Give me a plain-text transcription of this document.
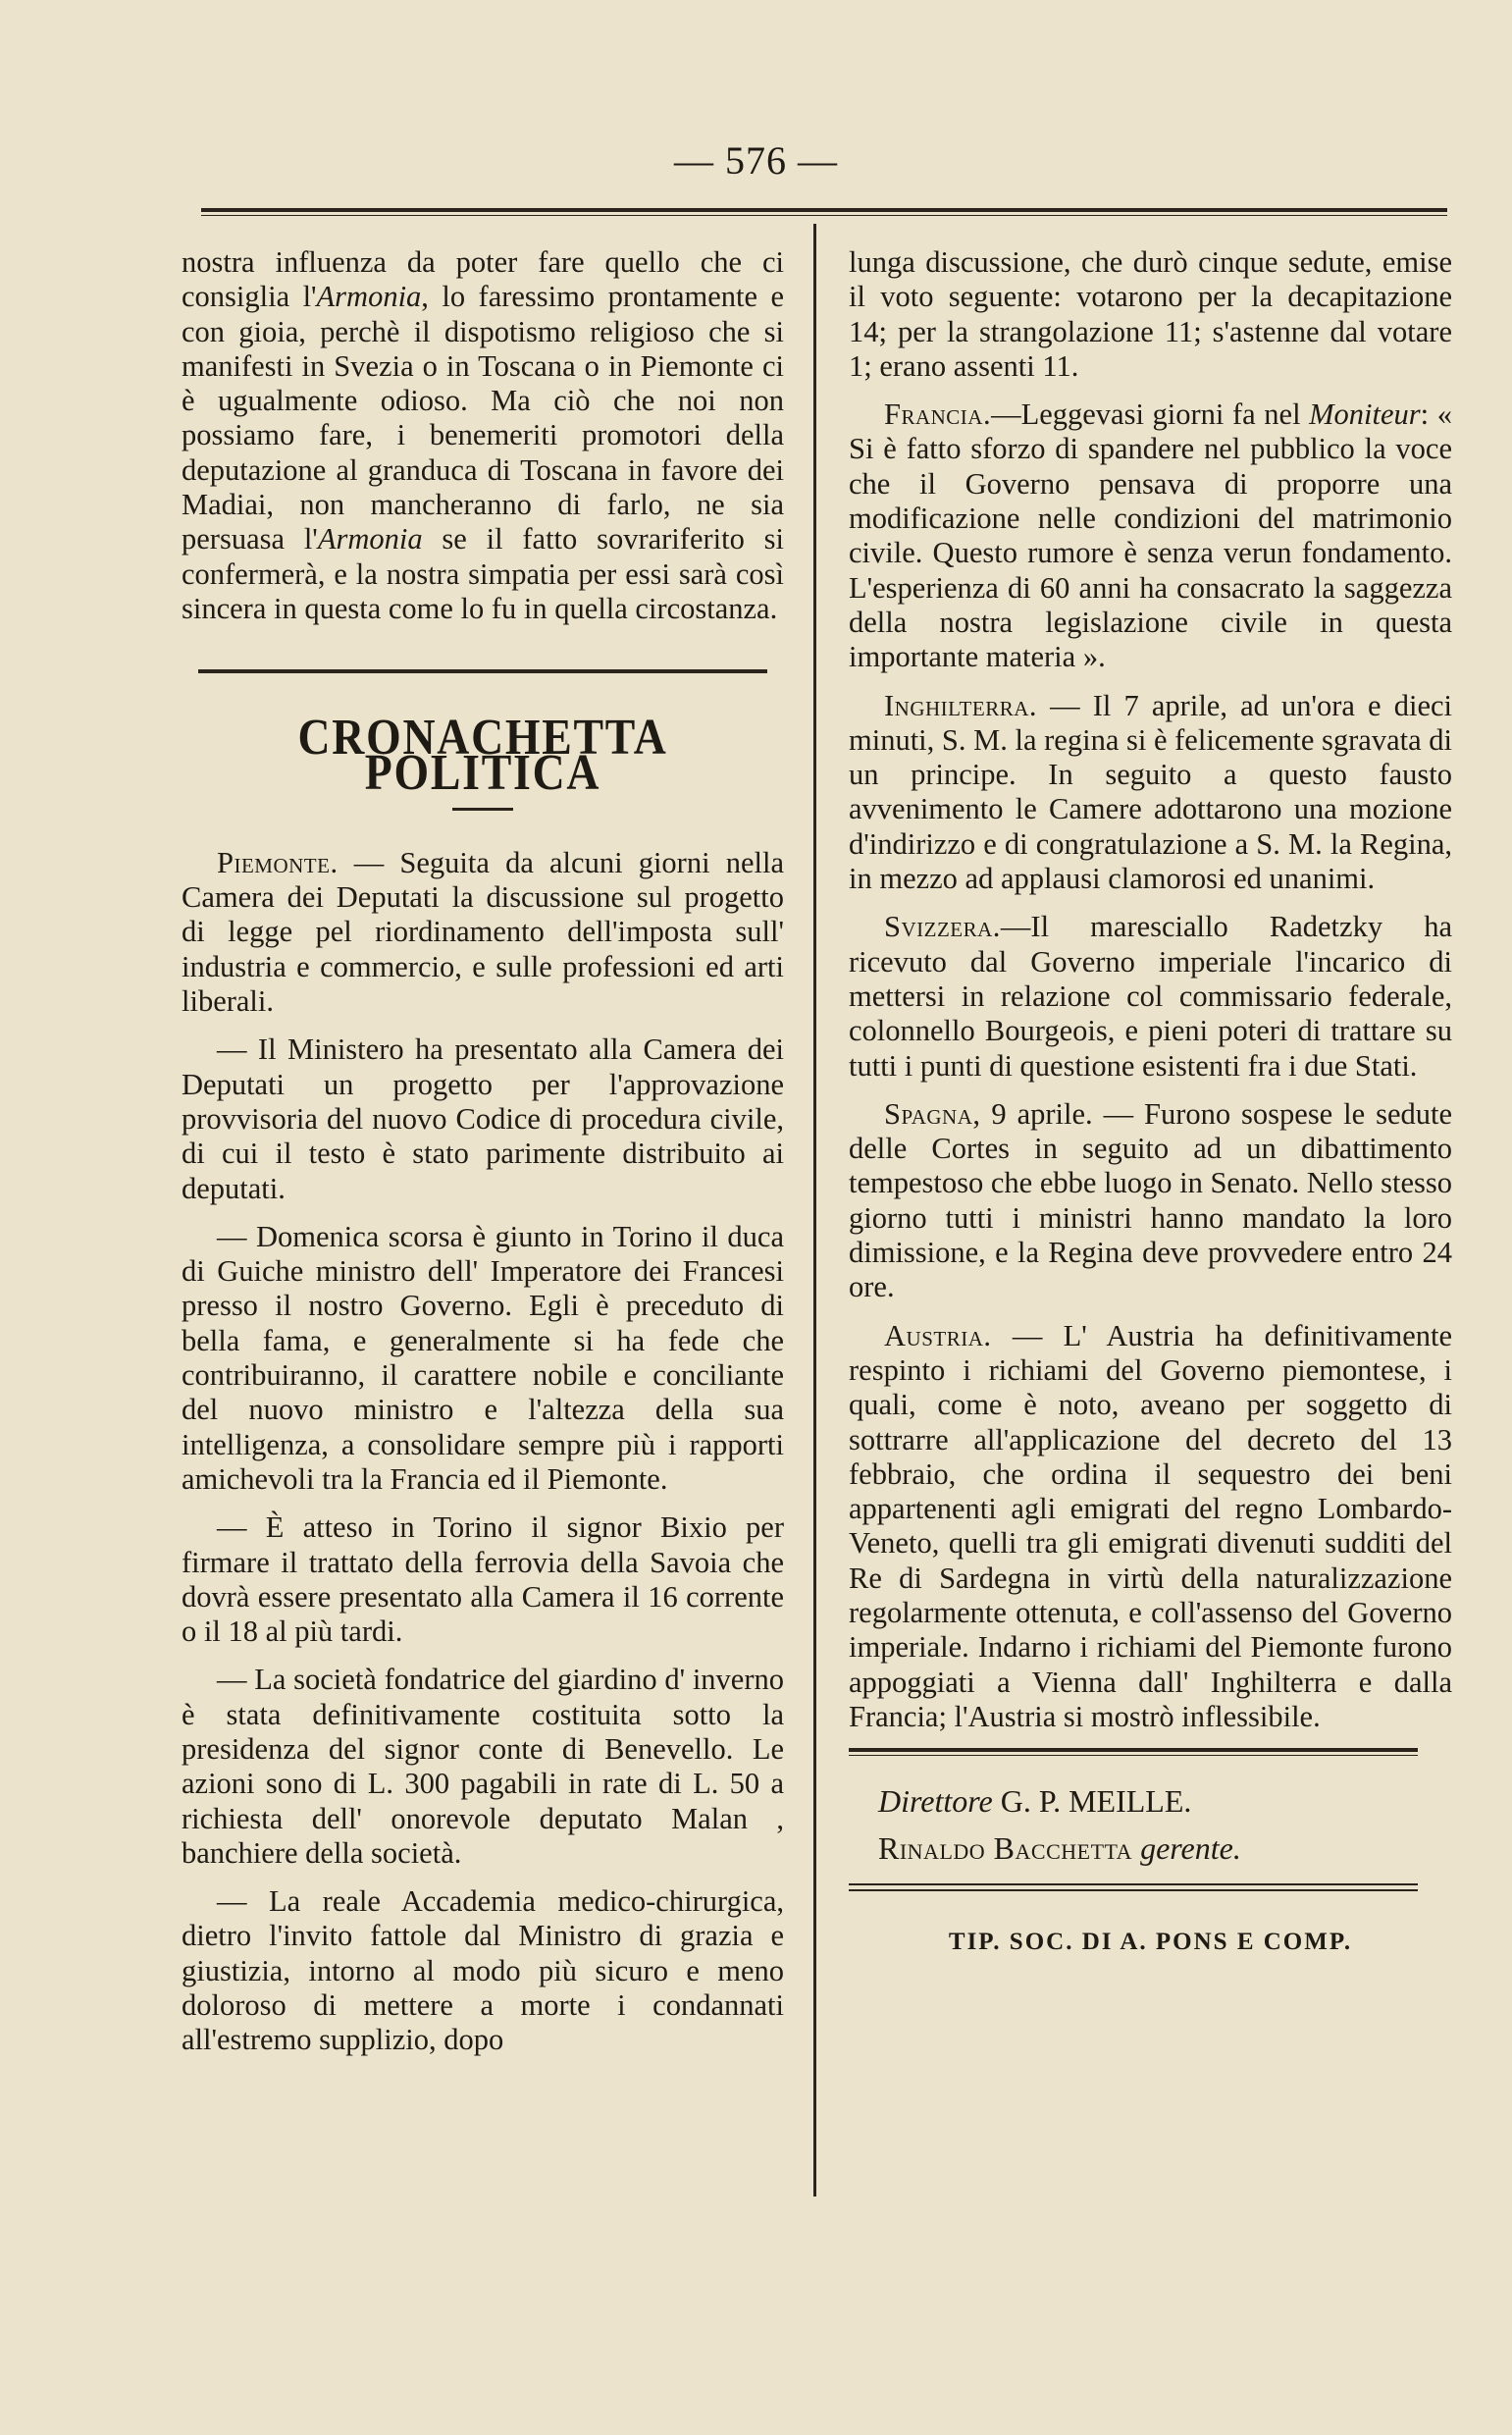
— 576 —

nostra influenza da poter fare quello che ci consiglia l'Armonia, lo faressimo prontamente e con gioia, perchè il dispotismo religioso che si manifesti in Svezia o in Toscana o in Piemonte ci è ugualmente odioso. Ma ciò che noi non possiamo fare, i benemeriti promotori della deputazione al granduca di Toscana in favore dei Madiai, non mancheranno di farlo, ne sia persuasa l'Armonia se il fatto sovrariferito si confermerà, e la nostra simpatia per essi sarà così sincera in questa come lo fu in quella circostanza.

CRONACHETTA POLITICA

Piemonte. — Seguita da alcuni giorni nella Camera dei Deputati la discussione sul progetto di legge pel riordinamento dell'imposta sull' industria e commercio, e sulle professioni ed arti liberali.

— Il Ministero ha presentato alla Camera dei Deputati un progetto per l'approvazione provvisoria del nuovo Codice di procedura civile, di cui il testo è stato parimente distribuito ai deputati.

— Domenica scorsa è giunto in Torino il duca di Guiche ministro dell' Imperatore dei Francesi presso il nostro Governo. Egli è preceduto di bella fama, e generalmente si ha fede che contribuiranno, il carattere nobile e conciliante del nuovo ministro e l'altezza della sua intelligenza, a consolidare sempre più i rapporti amichevoli tra la Francia ed il Piemonte.

— È atteso in Torino il signor Bixio per firmare il trattato della ferrovia della Savoia che dovrà essere presentato alla Camera il 16 corrente o il 18 al più tardi.

— La società fondatrice del giardino d' inverno è stata definitivamente costituita sotto la presidenza del signor conte di Benevello. Le azioni sono di L. 300 pagabili in rate di L. 50 a richiesta dell' onorevole deputato Malan , banchiere della società.

— La reale Accademia medico-chirurgica, dietro l'invito fattole dal Ministro di grazia e giustizia, intorno al modo più sicuro e meno doloroso di mettere a morte i condannati all'estremo supplizio, dopo

lunga discussione, che durò cinque sedute, emise il voto seguente: votarono per la decapitazione 14; per la strangolazione 11; s'astenne dal votare 1; erano assenti 11.

Francia.—Leggevasi giorni fa nel Moniteur: « Si è fatto sforzo di spandere nel pubblico la voce che il Governo pensava di proporre una modificazione nelle condizioni del matrimonio civile. Questo rumore è senza verun fondamento. L'esperienza di 60 anni ha consacrato la saggezza della nostra legislazione civile in questa importante materia ».

Inghilterra. — Il 7 aprile, ad un'ora e dieci minuti, S. M. la regina si è felicemente sgravata di un principe. In seguito a questo fausto avvenimento le Camere adottarono una mozione d'indirizzo e di congratulazione a S. M. la Regina, in mezzo ad applausi clamorosi ed unanimi.

Svizzera.—Il maresciallo Radetzky ha ricevuto dal Governo imperiale l'incarico di mettersi in relazione col commissario federale, colonnello Bourgeois, e pieni poteri di trattare su tutti i punti di questione esistenti fra i due Stati.

Spagna, 9 aprile. — Furono sospese le sedute delle Cortes in seguito ad un dibattimento tempestoso che ebbe luogo in Senato. Nello stesso giorno tutti i ministri hanno mandato la loro dimissione, e la Regina deve provvedere entro 24 ore.

Austria. — L' Austria ha definitivamente respinto i richiami del Governo piemontese, i quali, come è noto, aveano per soggetto di sottrarre all'applicazione del decreto del 13 febbraio, che ordina il sequestro dei beni appartenenti agli emigrati del regno Lombardo-Veneto, quelli tra gli emigrati divenuti sudditi del Re di Sardegna in virtù della naturalizzazione regolarmente ottenuta, e coll'assenso del Governo imperiale. Indarno i richiami del Piemonte furono appoggiati a Vienna dall' Inghilterra e dalla Francia; l'Austria si mostrò inflessibile.

Direttore G. P. MEILLE.

Rinaldo Bacchetta gerente.

TIP. SOC. DI A. PONS E COMP.
